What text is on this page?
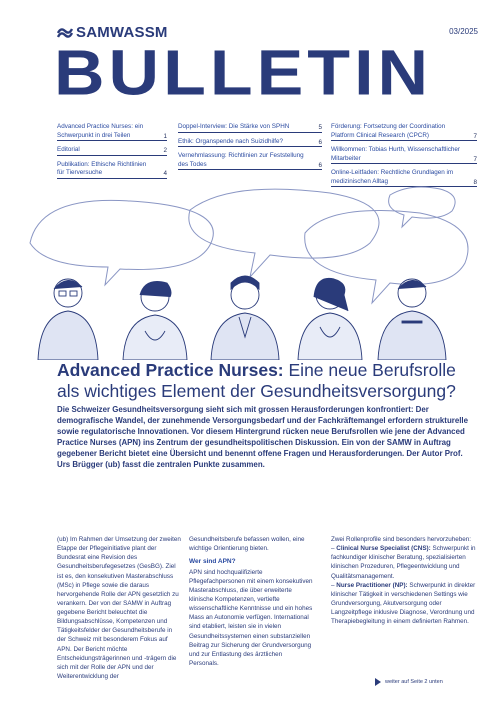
SAMWASSM	03/2025
BULLETIN
Advanced Practice Nurses: ein Schwerpunkt in drei Teilen	1
Editorial	2
Publikation: Ethische Richtlinien für Tierversuche	4
Doppel-Interview: Die Stärke von SPHN	5
Ethik: Organspende nach Suizidhilfe?	6
Vernehmlassung: Richtlinien zur Feststellung des Todes	6
Förderung: Fortsetzung der Coordination Platform Clinical Research (CPCR)	7
Willkommen: Tobias Hurth, Wissenschaftlicher Mitarbeiter	7
Online-Leitfaden: Rechtliche Grundlagen im medizinischen Alltag	8
Advanced Practice Nurses: Eine neue Berufsrolle als wichtiges Element der Gesundheitsversorgung?
Die Schweizer Gesundheitsversorgung sieht sich mit grossen Herausforderungen konfrontiert: Der demografische Wandel, der zunehmende Versorgungsbedarf und der Fachkräftemangel erfordern strukturelle sowie regulatorische Innovationen. Vor diesem Hintergrund rücken neue Berufsrollen wie jene der Advanced Practice Nurses (APN) ins Zentrum der gesundheitspolitischen Diskussion. Ein von der SAMW in Auftrag gegebener Bericht bietet eine Übersicht und benennt offene Fragen und Herausforderungen. Der Autor Prof. Urs Brügger (ub) fasst die zentralen Punkte zusammen.

(ub) Im Rahmen der Umsetzung der zweiten Etappe der Pflegeinitiative plant der Bundesrat eine Revision des Gesundheitsberufegesetzes (GesBG). Ziel ist es, den konsekutiven Masterabschluss (MSc) in Pflege sowie die daraus hervorgehende Rolle der APN gesetzlich zu verankern. Der von der SAMW in Auftrag gegebene Bericht beleuchtet die Bildungsabschlüsse, Kompetenzen und Tätigkeitsfelder der Gesundheitsberufe in der Schweiz mit besonderem Fokus auf APN. Der Bericht möchte Entscheidungsträgerinnen und -trägern die sich mit der Rolle der APN und der Weiterentwicklung der

Gesundheitsberufe befassen wollen, eine wichtige Orientierung bieten.

Wer sind APN?

APN sind hochqualifizierte Pflegefachpersonen mit einem konsekutiven Masterabschluss, die über erweiterte klinische Kompetenzen, vertiefte wissenschaftliche Kenntnisse und ein hohes Mass an Autonomie verfügen. International sind etabliert, leisten sie in vielen Gesundheitssystemen einen substanziellen Beitrag zur Sicherung der Grundversorgung und zur Entlastung des ärztlichen Personals.

Zwei Rollenprofile sind besonders hervorzuheben:

– Clinical Nurse Specialist (CNS): Schwerpunkt in fachkundiger klinischer Beratung, spezialisierten klinischen Prozeduren, Pflegeentwicklung und Qualitätsmanagement.

– Nurse Practitioner (NP): Schwerpunkt in direkter klinischer Tätigkeit in verschiedenen Settings wie Grundversorgung, Akutversorgung oder Langzeitpflege inklusive Diagnose, Verordnung und Therapiebegleitung in einem definierten Rahmen.

weiter auf Seite 2 unten
